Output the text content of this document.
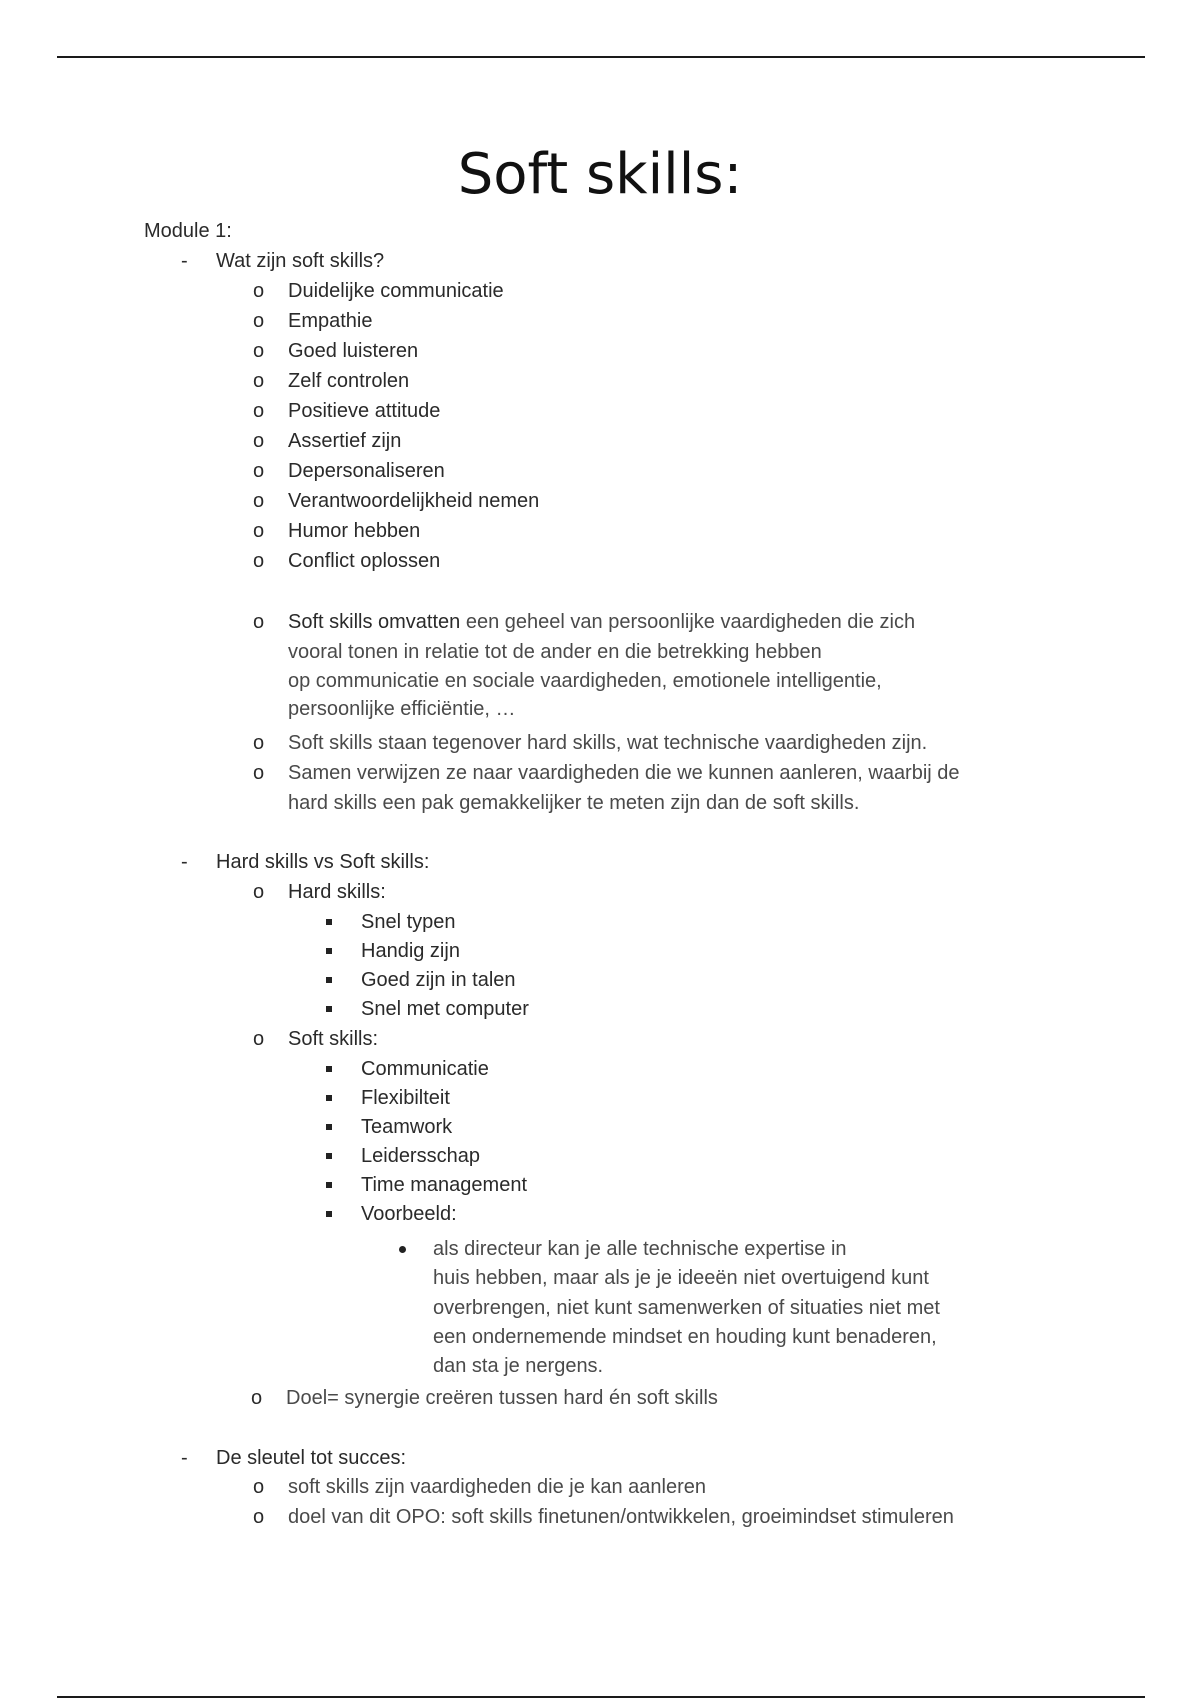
Soft skills:
Module 1:
- Wat zijn soft skills?
o Duidelijke communicatie
o Empathie
o Goed luisteren
o Zelf controlen
o Positieve attitude
o Assertief zijn
o Depersonaliseren
o Verantwoordelijkheid nemen
o Humor hebben
o Conflict oplossen
o Soft skills omvatten een geheel van persoonlijke vaardigheden die zich
vooral tonen in relatie tot de ander en die betrekking hebben
op communicatie en sociale vaardigheden, emotionele intelligentie,
persoonlijke efficiëntie, …
o Soft skills staan tegenover hard skills, wat technische vaardigheden zijn.
o Samen verwijzen ze naar vaardigheden die we kunnen aanleren, waarbij de
hard skills een pak gemakkelijker te meten zijn dan de soft skills.
- Hard skills vs Soft skills:
o Hard skills:
Snel typen
Handig zijn
Goed zijn in talen
Snel met computer
o Soft skills:
Communicatie
Flexibilteit
Teamwork
Leidersschap
Time management
Voorbeeld:
als directeur kan je alle technische expertise in
huis hebben, maar als je je ideeën niet overtuigend kunt
overbrengen, niet kunt samenwerken of situaties niet met
een ondernemende mindset en houding kunt benaderen,
dan sta je nergens.
o Doel= synergie creëren tussen hard én soft skills
- De sleutel tot succes:
o soft skills zijn vaardigheden die je kan aanleren
o doel van dit OPO: soft skills finetunen/ontwikkelen, groeimindset stimuleren
